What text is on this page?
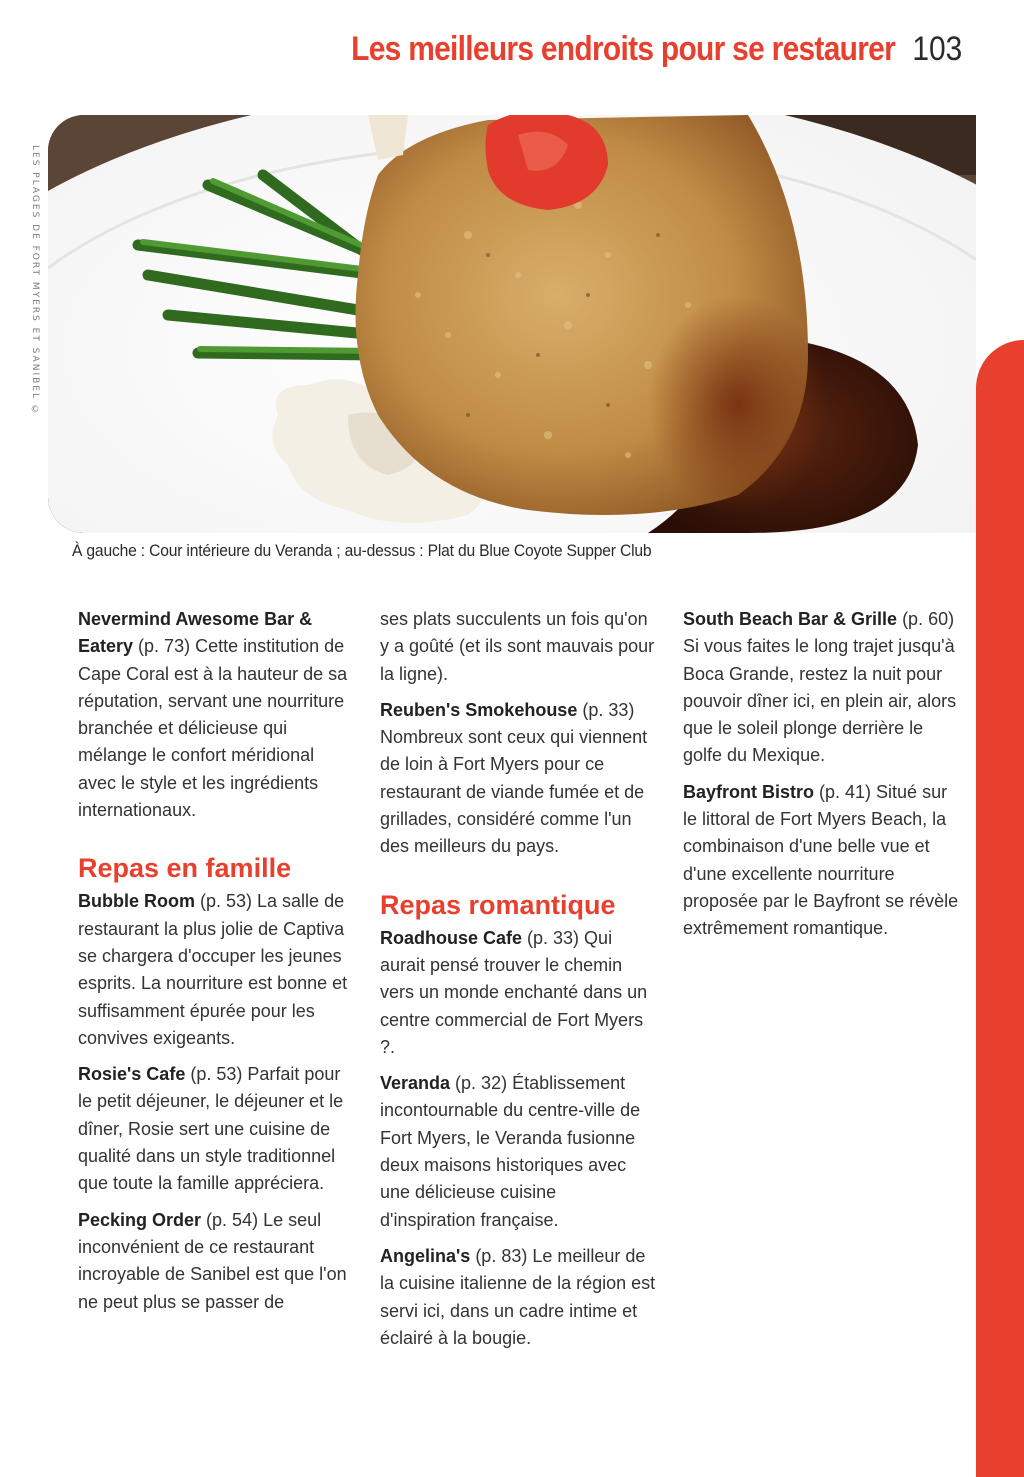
Les meilleurs endroits pour se restaurer 103
LES PLAGES DE FORT MYERS ET SANIBEL ©
À gauche : Cour intérieure du Veranda ; au-dessus : Plat du Blue Coyote Supper Club

Nevermind Awesome Bar & Eatery (p. 73) Cette institution de Cape Coral est à la hauteur de sa réputation, servant une nourriture branchée et délicieuse qui mélange le confort méridional avec le style et les ingrédients internationaux.

Repas en famille

Bubble Room (p. 53) La salle de restaurant la plus jolie de Captiva se chargera d'occuper les jeunes esprits. La nourriture est bonne et suffisamment épurée pour les convives exigeants.

Rosie's Cafe (p. 53) Parfait pour le petit déjeuner, le déjeuner et le dîner, Rosie sert une cuisine de qualité dans un style traditionnel que toute la famille appréciera.

Pecking Order (p. 54) Le seul inconvénient de ce restaurant incroyable de Sanibel est que l'on ne peut plus se passer de

ses plats succulents un fois qu'on y a goûté (et ils sont mauvais pour la ligne).

Reuben's Smokehouse (p. 33) Nombreux sont ceux qui viennent de loin à Fort Myers pour ce restaurant de viande fumée et de grillades, considéré comme l'un des meilleurs du pays.

Repas romantique

Roadhouse Cafe (p. 33) Qui aurait pensé trouver le chemin vers un monde enchanté dans un centre commercial de Fort Myers ?.

Veranda (p. 32) Établissement incontournable du centre-ville de Fort Myers, le Veranda fusionne deux maisons historiques avec une délicieuse cuisine d'inspiration française.

Angelina's (p. 83) Le meilleur de la cuisine italienne de la région est servi ici, dans un cadre intime et éclairé à la bougie.

South Beach Bar & Grille (p. 60) Si vous faites le long trajet jusqu'à Boca Grande, restez la nuit pour pouvoir dîner ici, en plein air, alors que le soleil plonge derrière le golfe du Mexique.

Bayfront Bistro (p. 41) Situé sur le littoral de Fort Myers Beach, la combinaison d'une belle vue et d'une excellente nourriture proposée par le Bayfront se révèle extrêmement romantique.
